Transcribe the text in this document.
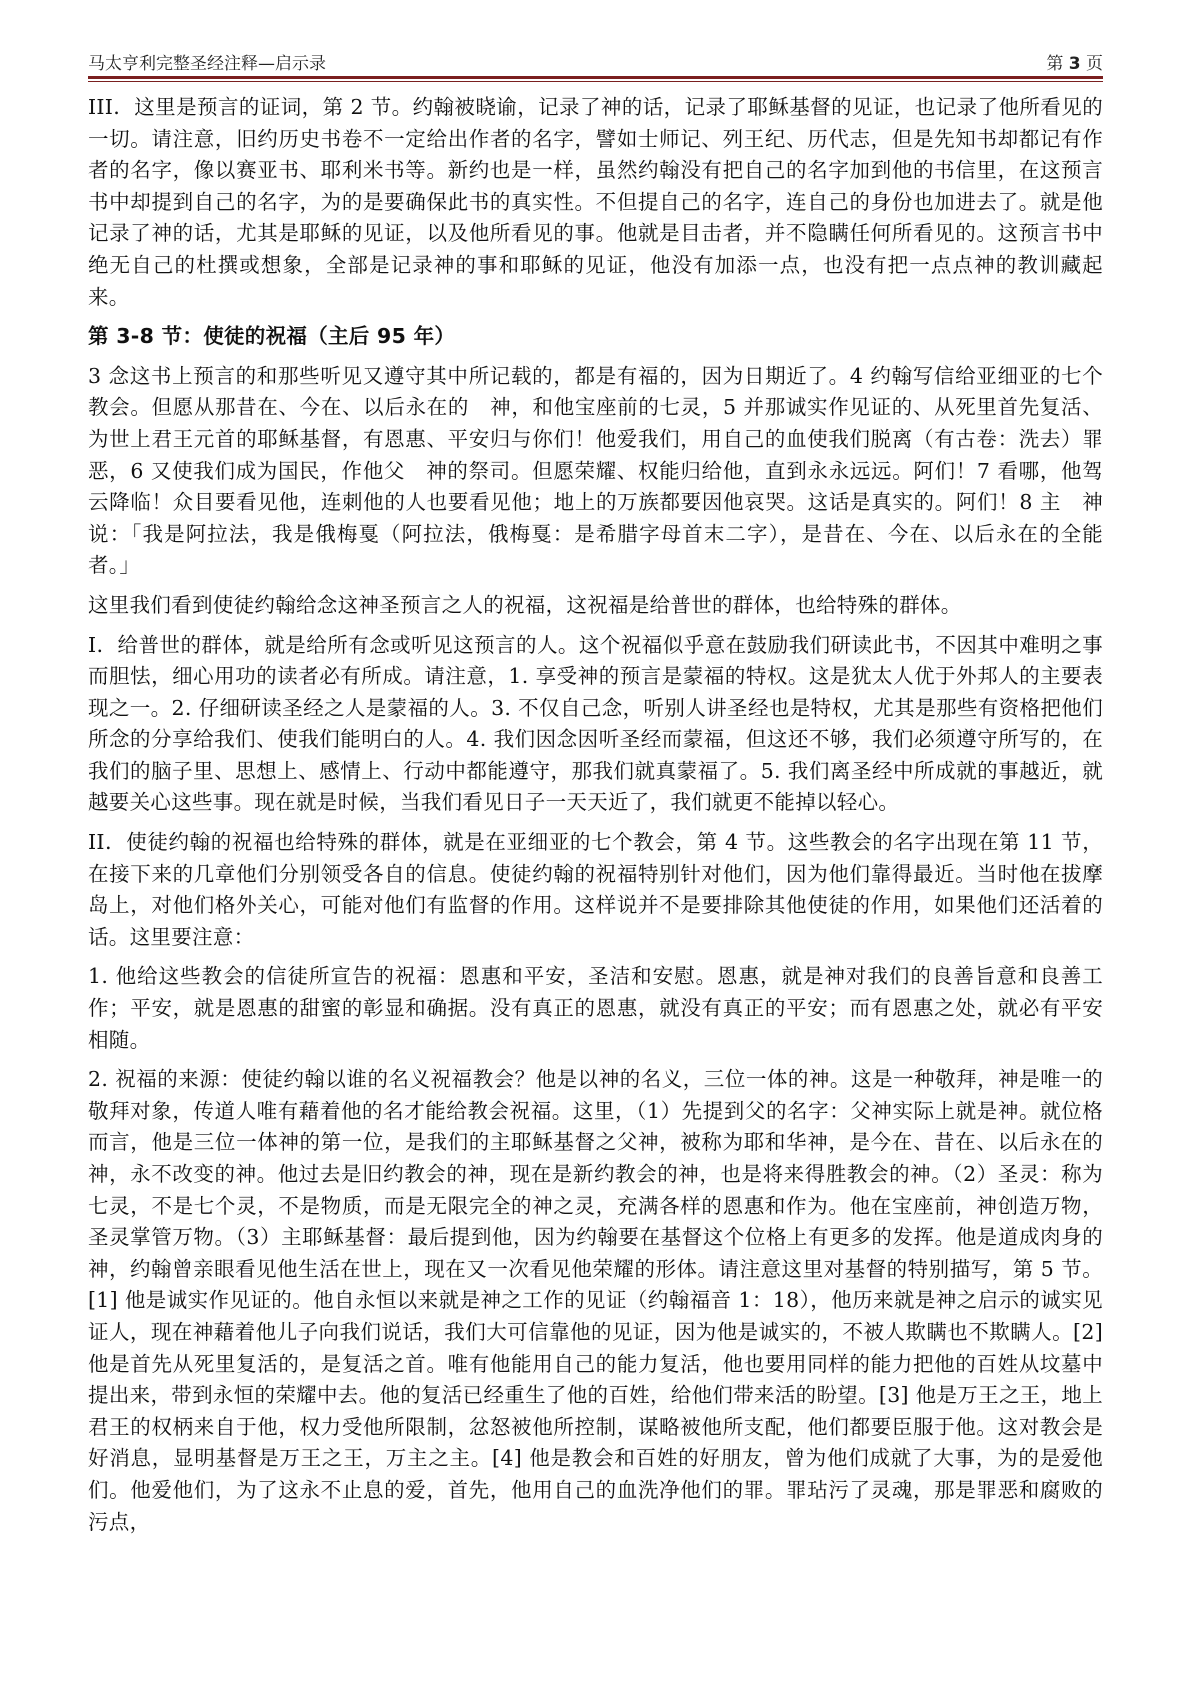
马太亨利完整圣经注释—启示录	第 3 页

III．这里是预言的证词，第 2 节。约翰被晓谕，记录了神的话，记录了耶稣基督的见证，也记录了他所看见的一切。请注意，旧约历史书卷不一定给出作者的名字，譬如士师记、列王纪、历代志，但是先知书却都记有作者的名字，像以赛亚书、耶利米书等。新约也是一样，虽然约翰没有把自己的名字加到他的书信里，在这预言书中却提到自己的名字，为的是要确保此书的真实性。不但提自己的名字，连自己的身份也加进去了。就是他记录了神的话，尤其是耶稣的见证，以及他所看见的事。他就是目击者，并不隐瞒任何所看见的。这预言书中绝无自己的杜撰或想象，全部是记录神的事和耶稣的见证，他没有加添一点，也没有把一点点神的教训藏起来。

第 3-8 节：使徒的祝福（主后 95 年）

3 念这书上预言的和那些听见又遵守其中所记载的，都是有福的，因为日期近了。4 约翰写信给亚细亚的七个教会。但愿从那昔在、今在、以后永在的　神，和他宝座前的七灵，5 并那诚实作见证的、从死里首先复活、为世上君王元首的耶稣基督，有恩惠、平安归与你们！他爱我们，用自己的血使我们脱离（有古卷：洗去）罪恶，6 又使我们成为国民，作他父　神的祭司。但愿荣耀、权能归给他，直到永永远远。阿们！7 看哪，他驾云降临！众目要看见他，连刺他的人也要看见他；地上的万族都要因他哀哭。这话是真实的。阿们！8 主　神说：「我是阿拉法，我是俄梅戛（阿拉法，俄梅戛：是希腊字母首末二字），是昔在、今在、以后永在的全能者。」

这里我们看到使徒约翰给念这神圣预言之人的祝福，这祝福是给普世的群体，也给特殊的群体。

I．给普世的群体，就是给所有念或听见这预言的人。这个祝福似乎意在鼓励我们研读此书，不因其中难明之事而胆怯，细心用功的读者必有所成。请注意，1. 享受神的预言是蒙福的特权。这是犹太人优于外邦人的主要表现之一。2. 仔细研读圣经之人是蒙福的人。3. 不仅自己念，听别人讲圣经也是特权，尤其是那些有资格把他们所念的分享给我们、使我们能明白的人。4. 我们因念因听圣经而蒙福，但这还不够，我们必须遵守所写的，在我们的脑子里、思想上、感情上、行动中都能遵守，那我们就真蒙福了。5. 我们离圣经中所成就的事越近，就越要关心这些事。现在就是时候，当我们看见日子一天天近了，我们就更不能掉以轻心。

II．使徒约翰的祝福也给特殊的群体，就是在亚细亚的七个教会，第 4 节。这些教会的名字出现在第 11 节，在接下来的几章他们分别领受各自的信息。使徒约翰的祝福特别针对他们，因为他们靠得最近。当时他在拔摩岛上，对他们格外关心，可能对他们有监督的作用。这样说并不是要排除其他使徒的作用，如果他们还活着的话。这里要注意：

1. 他给这些教会的信徒所宣告的祝福：恩惠和平安，圣洁和安慰。恩惠，就是神对我们的良善旨意和良善工作；平安，就是恩惠的甜蜜的彰显和确据。没有真正的恩惠，就没有真正的平安；而有恩惠之处，就必有平安相随。

2. 祝福的来源：使徒约翰以谁的名义祝福教会？他是以神的名义，三位一体的神。这是一种敬拜，神是唯一的敬拜对象，传道人唯有藉着他的名才能给教会祝福。这里，（1）先提到父的名字：父神实际上就是神。就位格而言，他是三位一体神的第一位，是我们的主耶稣基督之父神，被称为耶和华神，是今在、昔在、以后永在的神，永不改变的神。他过去是旧约教会的神，现在是新约教会的神，也是将来得胜教会的神。（2）圣灵：称为七灵，不是七个灵，不是物质，而是无限完全的神之灵，充满各样的恩惠和作为。他在宝座前，神创造万物，圣灵掌管万物。（3）主耶稣基督：最后提到他，因为约翰要在基督这个位格上有更多的发挥。他是道成肉身的神，约翰曾亲眼看见他生活在世上，现在又一次看见他荣耀的形体。请注意这里对基督的特别描写，第 5 节。[1] 他是诚实作见证的。他自永恒以来就是神之工作的见证（约翰福音 1：18），他历来就是神之启示的诚实见证人，现在神藉着他儿子向我们说话，我们大可信靠他的见证，因为他是诚实的，不被人欺瞒也不欺瞒人。[2] 他是首先从死里复活的，是复活之首。唯有他能用自己的能力复活，他也要用同样的能力把他的百姓从坟墓中提出来，带到永恒的荣耀中去。他的复活已经重生了他的百姓，给他们带来活的盼望。[3] 他是万王之王，地上君王的权柄来自于他，权力受他所限制，忿怒被他所控制，谋略被他所支配，他们都要臣服于他。这对教会是好消息，显明基督是万王之王，万主之主。[4] 他是教会和百姓的好朋友，曾为他们成就了大事，为的是爱他们。他爱他们，为了这永不止息的爱，首先，他用自己的血洗净他们的罪。罪玷污了灵魂，那是罪恶和腐败的污点，
